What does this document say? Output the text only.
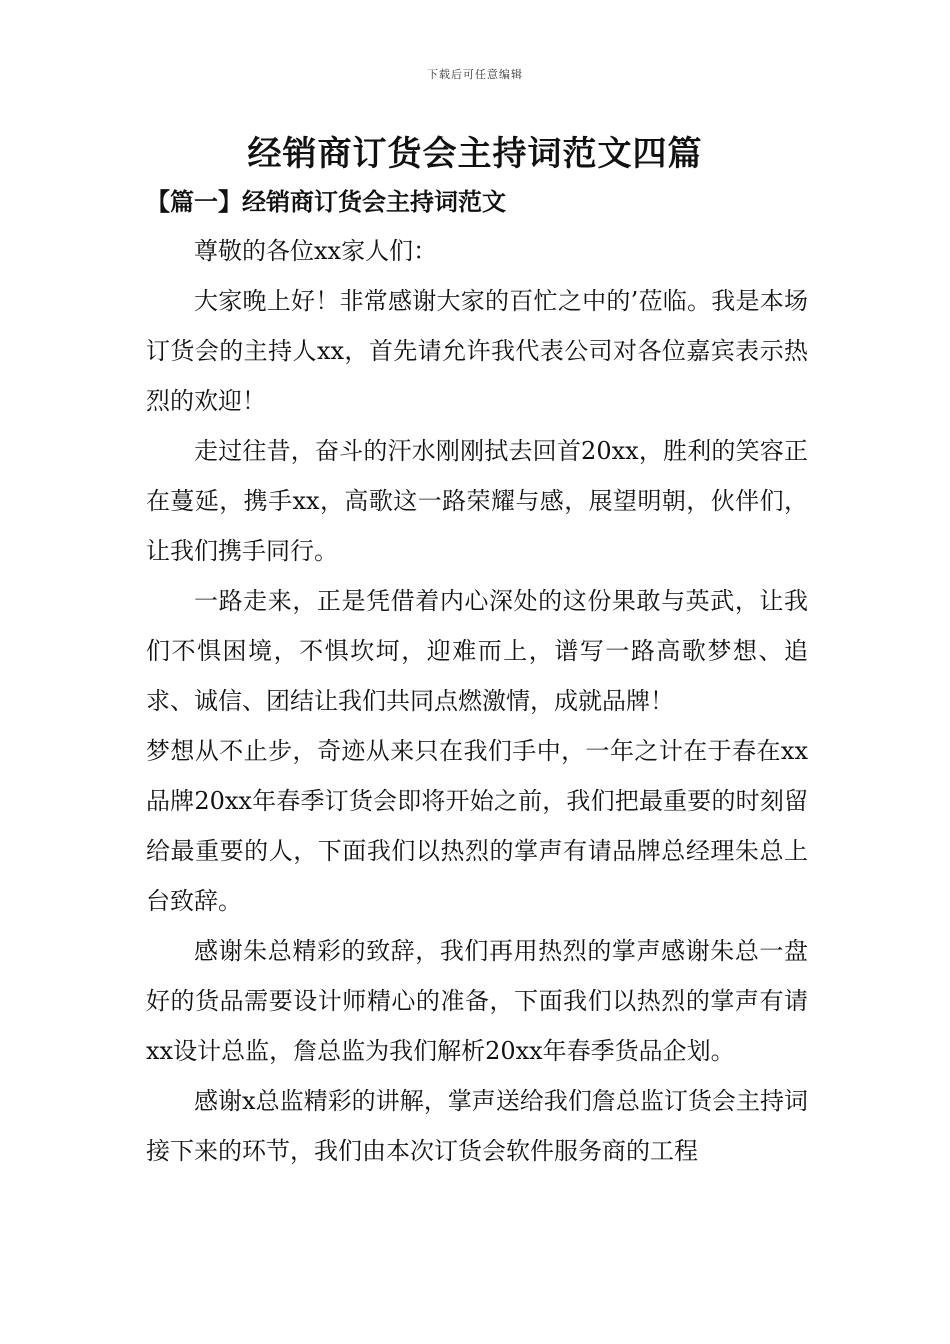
下载后可任意编辑
经销商订货会主持词范文四篇
【篇一】经销商订货会主持词范文

尊敬的各位xx家人们：

大家晚上好！非常感谢大家的百忙之中的’莅临。我是本场订货会的主持人xx，首先请允许我代表公司对各位嘉宾表示热烈的欢迎！

走过往昔，奋斗的汗水刚刚拭去回首20xx，胜利的笑容正在蔓延，携手xx，高歌这一路荣耀与感，展望明朝，伙伴们，让我们携手同行。

一路走来，正是凭借着内心深处的这份果敢与英武，让我们不惧困境，不惧坎坷，迎难而上，谱写一路高歌梦想、追求、诚信、团结让我们共同点燃激情，成就品牌！

梦想从不止步，奇迹从来只在我们手中，一年之计在于春在xx品牌20xx年春季订货会即将开始之前，我们把最重要的时刻留给最重要的人，下面我们以热烈的掌声有请品牌总经理朱总上台致辞。

感谢朱总精彩的致辞，我们再用热烈的掌声感谢朱总一盘好的货品需要设计师精心的准备，下面我们以热烈的掌声有请xx设计总监，詹总监为我们解析20xx年春季货品企划。

感谢x总监精彩的讲解，掌声送给我们詹总监订货会主持词接下来的环节，我们由本次订货会软件服务商的工程
